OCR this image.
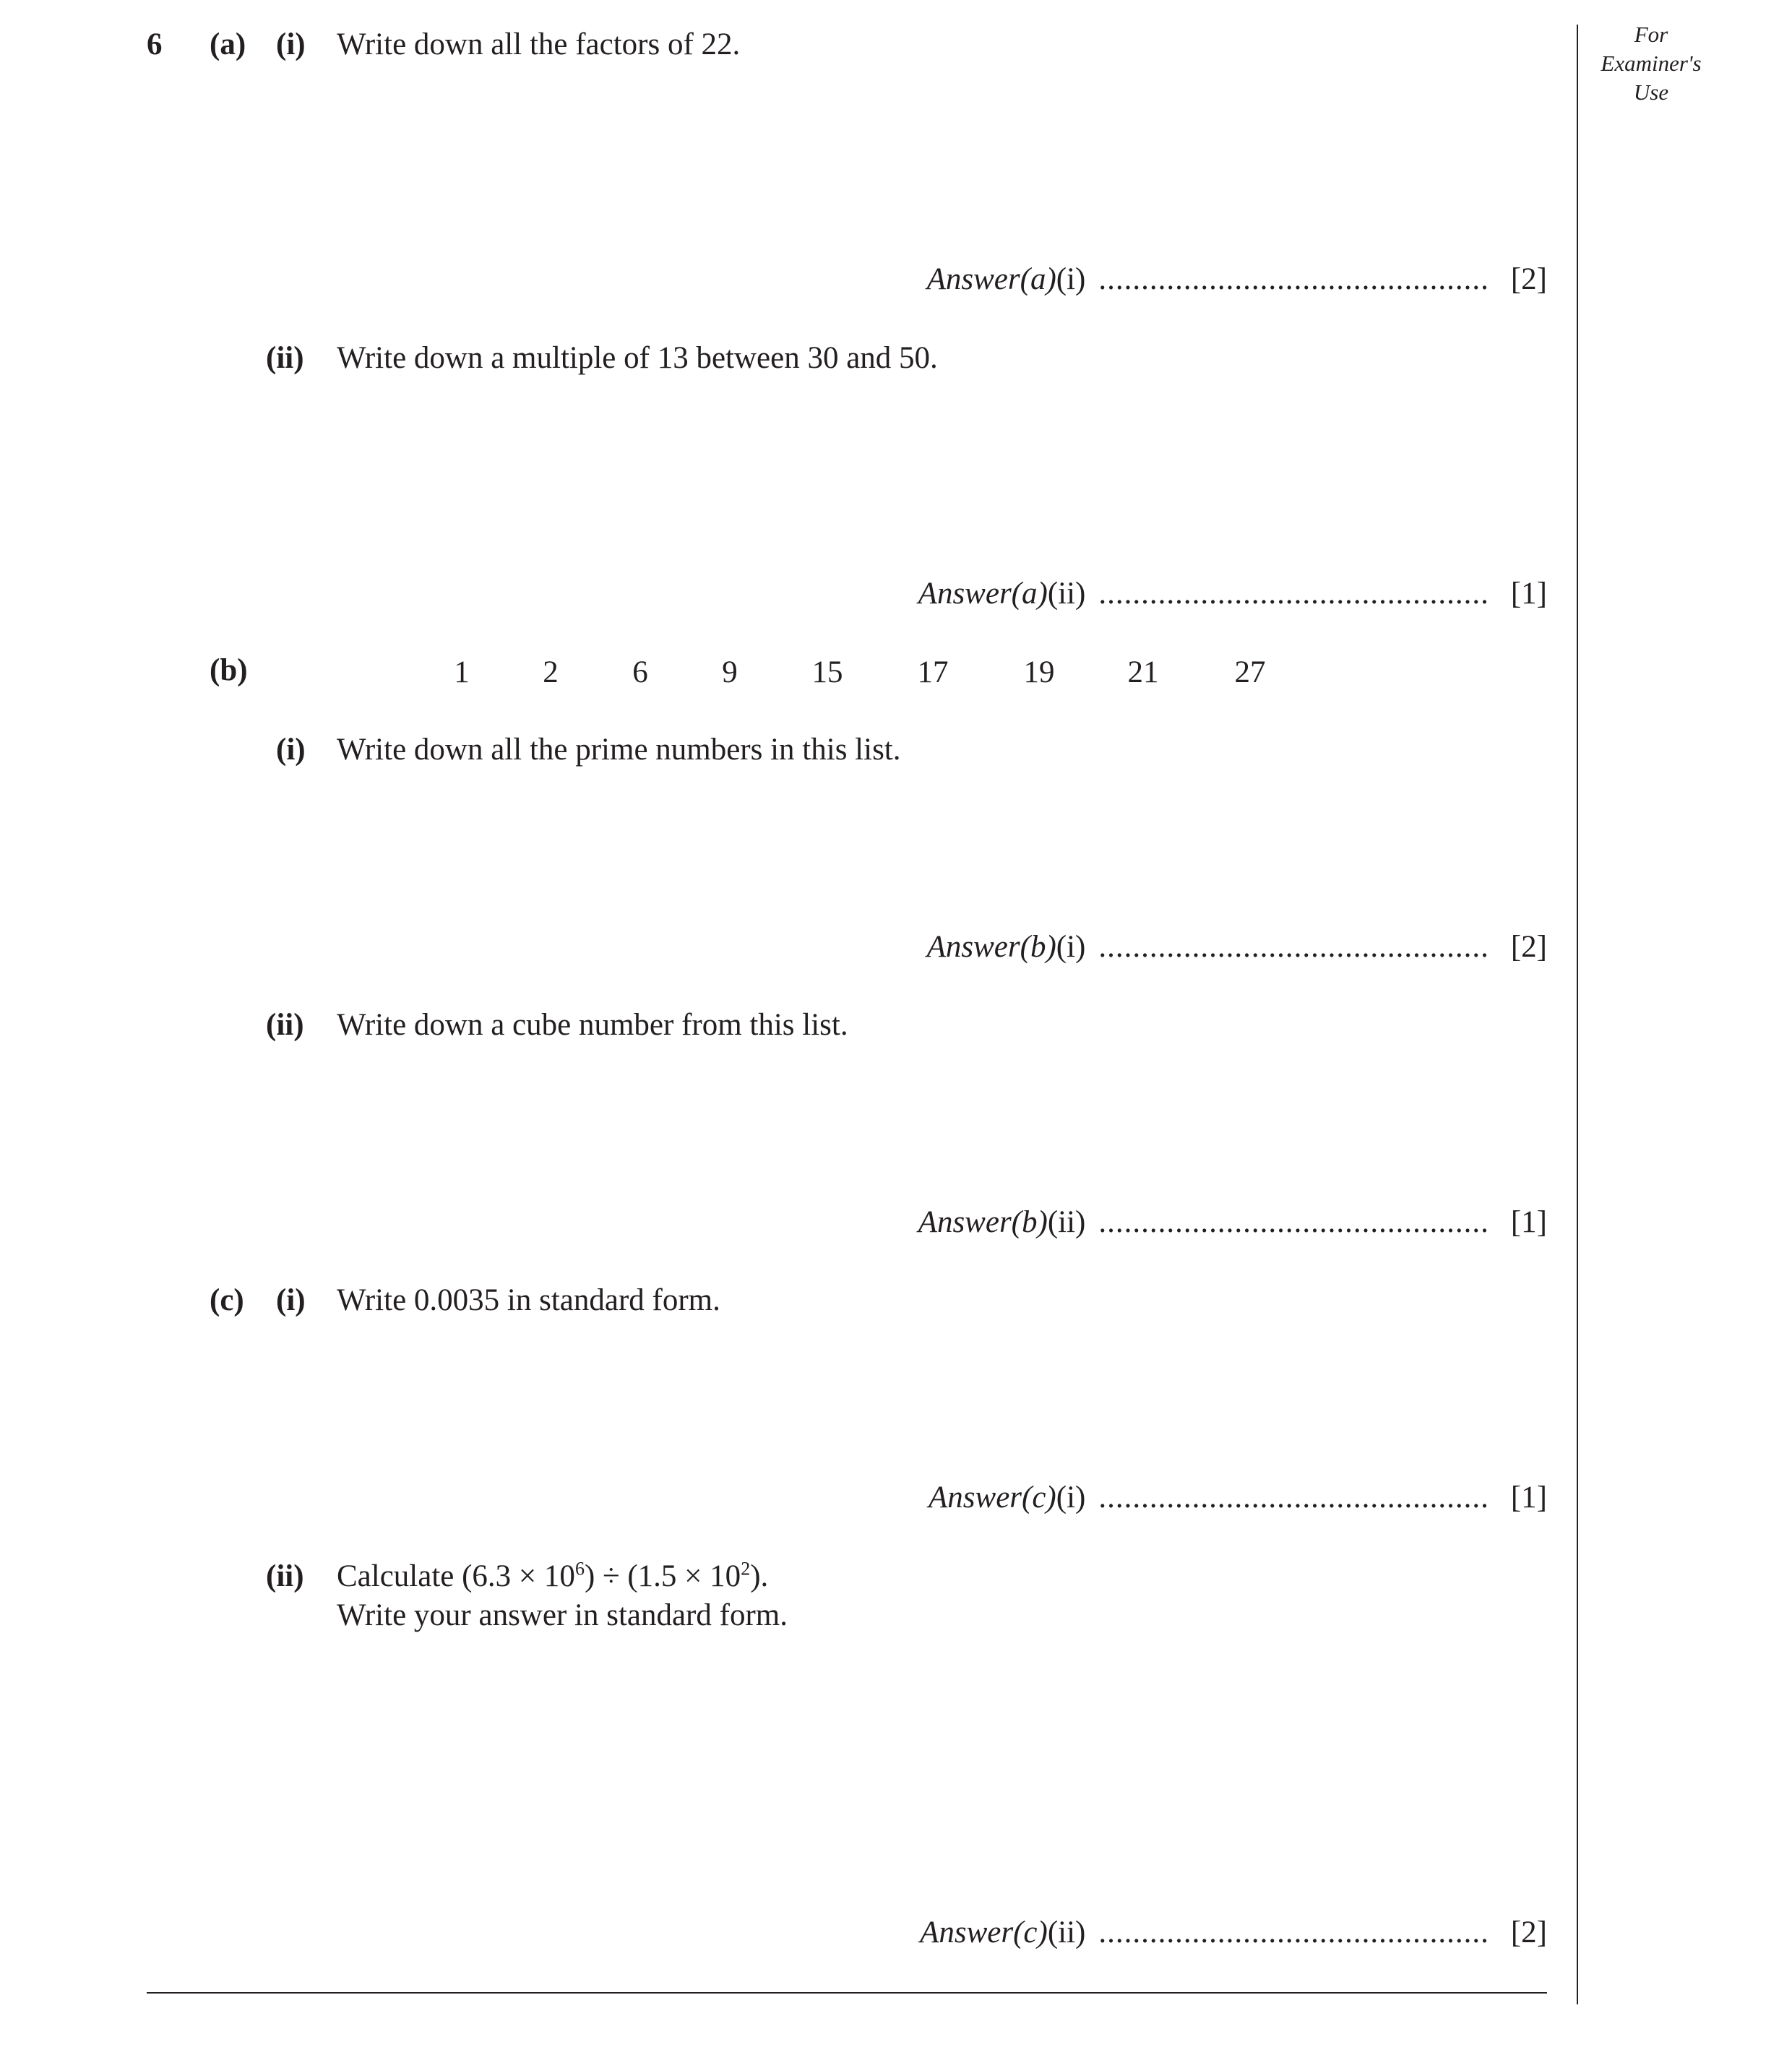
For
Examiner's
Use
6 (a) (i) Write down all the factors of 22.
Answer(a)(i) .............................................. [2]
(ii) Write down a multiple of 13 between 30 and 50.
Answer(a)(ii) .............................................. [1]
(b)	1	2	6	9	15	17	19	21	27
(i) Write down all the prime numbers in this list.
Answer(b)(i) .............................................. [2]
(ii) Write down a cube number from this list.
Answer(b)(ii) .............................................. [1]
(c) (i) Write 0.0035 in standard form.
Answer(c)(i) .............................................. [1]
(ii) Calculate $(6.3 \times 10^6) \div (1.5 \times 10^2)$.
Write your answer in standard form.
Answer(c)(ii) .............................................. [2]
